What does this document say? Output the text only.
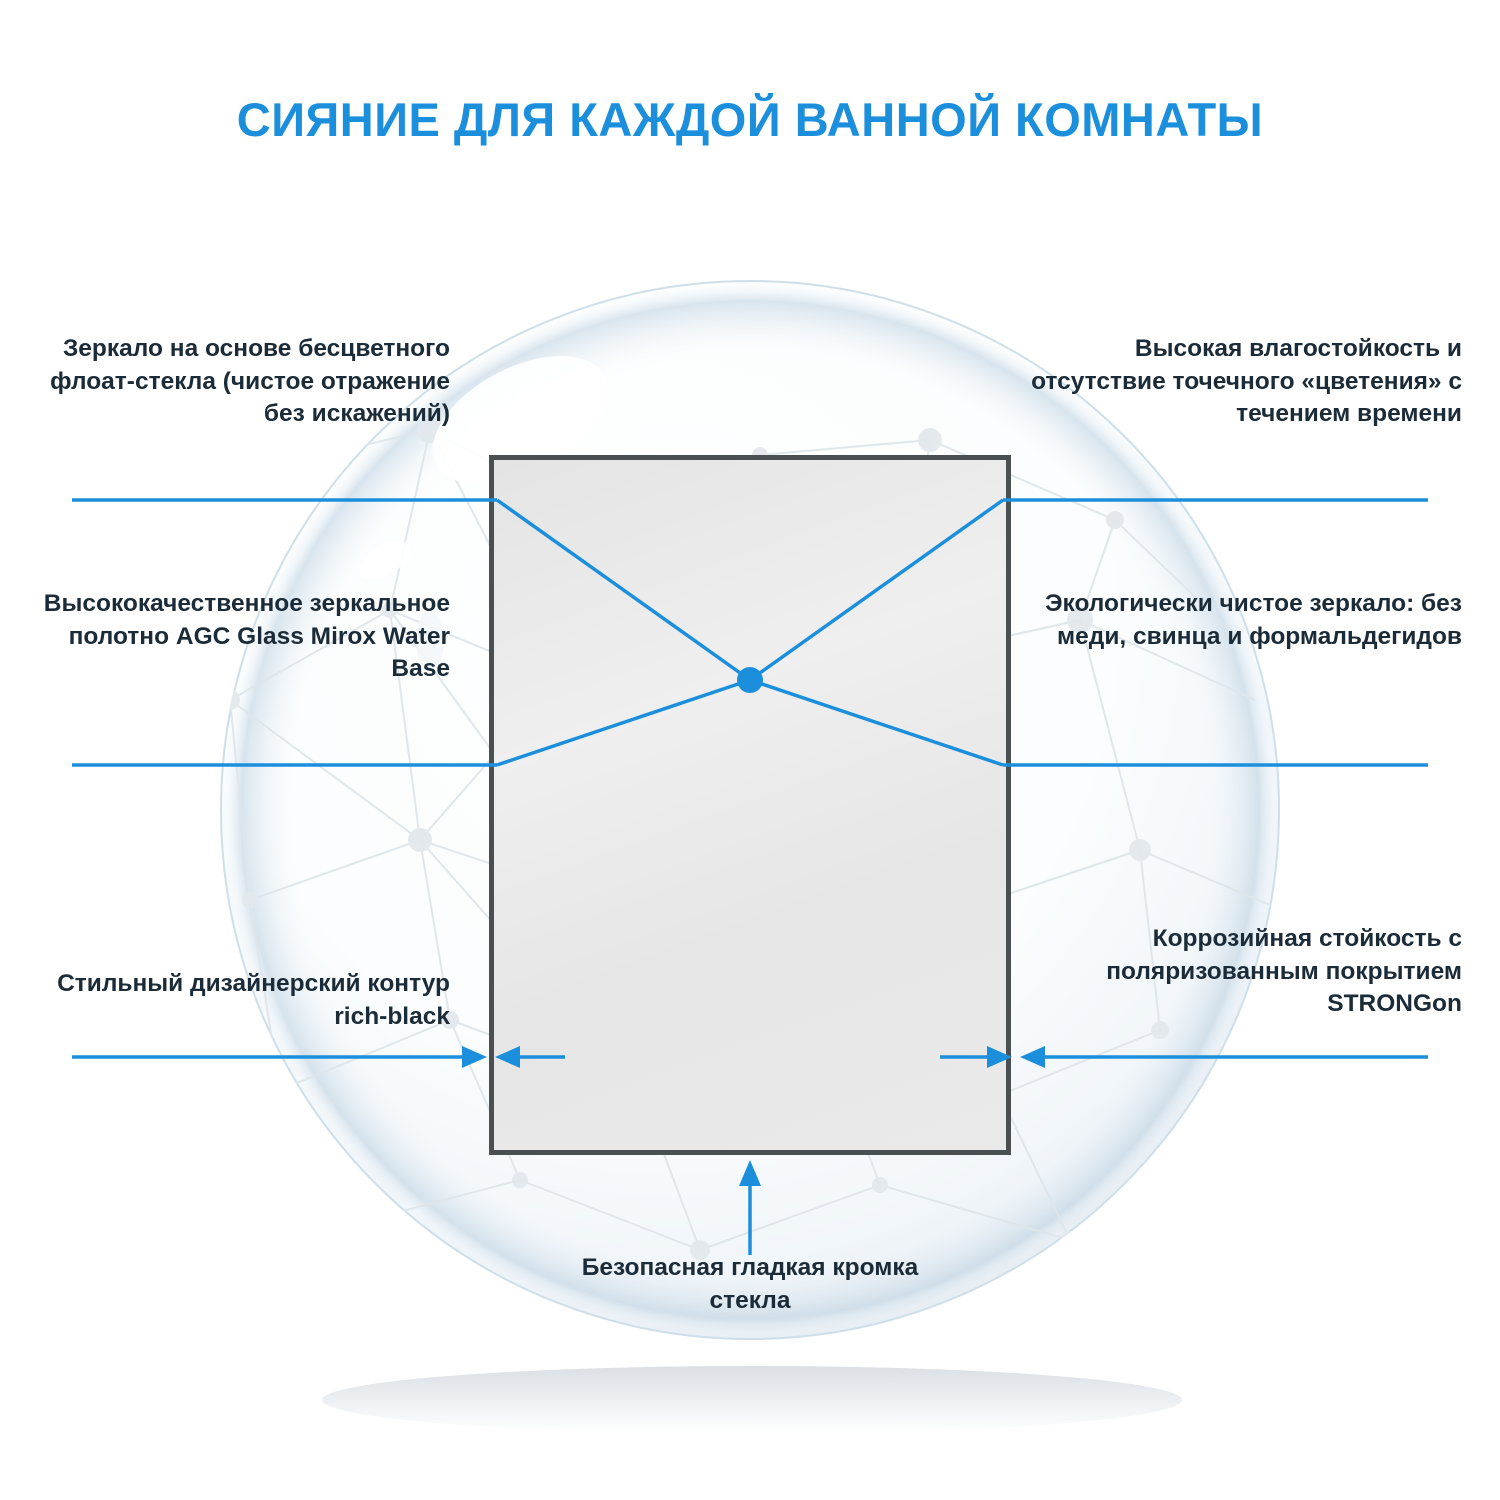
СИЯНИЕ ДЛЯ КАЖДОЙ ВАННОЙ КОМНАТЫ
Зеркало на основе бесцветного флоат-стекла (чистое отражение без искажений)
Высококачественное зеркальное полотно AGC Glass Mirox Water Base
Стильный дизайнерский контур rich-black
Высокая влагостойкость и отсутствие точечного «цветения» с течением времени
Экологически чистое зеркало: без меди, свинца и формальдегидов
Коррозийная стойкость с поляризованным покрытием STRONGon
Безопасная гладкая кромка стекла
